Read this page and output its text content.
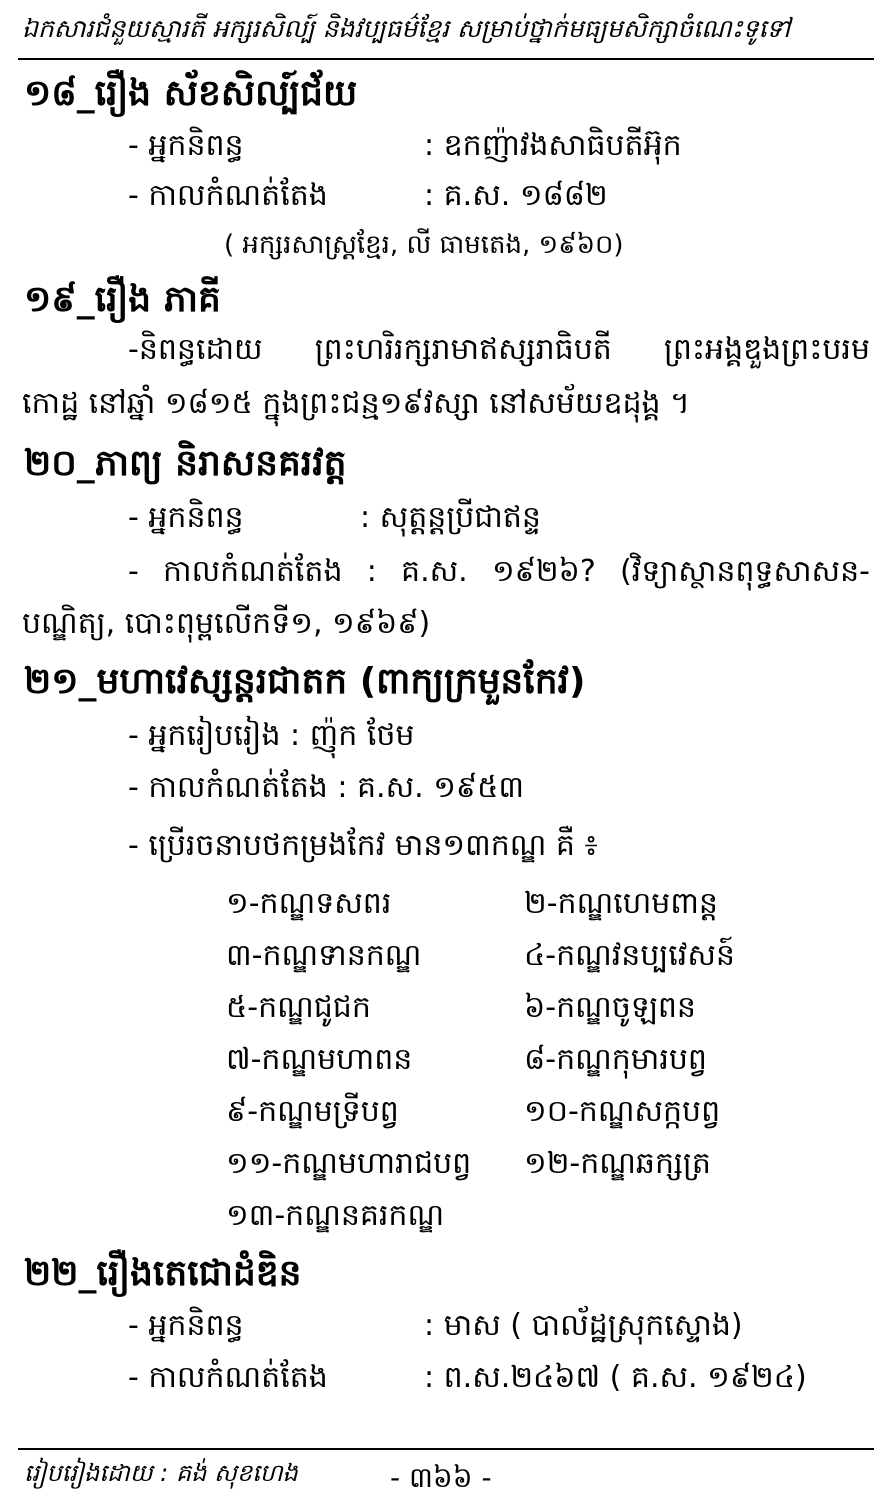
ឯកសារជំនួយស្មារតី អក្សរសិល្ប៍ និងវប្បធម៌ខ្មែរ សម្រាប់ថ្នាក់មធ្យមសិក្សាចំណេះទូទៅ
១៨_រឿង ស័ខសិល្ប៍ជ័យ
- អ្នកនិពន្ធ	: ឧកញ៉ាវងសាធិបតីអ៊ុក
- កាលកំណត់តែង	: គ.ស. ១៨៨២
( អក្សរសាស្ត្រខ្មែរ, លី ធាមតេង, ១៩៦០)
១៩_រឿង ភាគី
-និពន្ធដោយ ព្រះហរិរក្សរាមាឥស្សរាធិបតី ព្រះអង្គឌួងព្រះបរម
កោដ្ឋ នៅឆ្នាំ ១៨១៥ ក្នុងព្រះជន្ម១៩វស្សា នៅសម័យឧដុង្គ ។
២០_ភាព្យ និរាសនគរវត្ត
- អ្នកនិពន្ធ	: សុត្តន្តប្រីជាឥន្ទ
- កាលកំណត់តែង : គ.ស. ១៩២៦? (វិទ្យាស្ថានពុទ្ធសាសន-
បណ្ឌិត្យ, បោះពុម្ពលើកទី១, ១៩៦៩)
២១_មហាវេស្សន្តរជាតក (ពាក្យក្រមួនកែវ)
- អ្នករៀបរៀង : ញ៉ុក ថែម
- កាលកំណត់តែង : គ.ស. ១៩៥៣
- ប្រើរចនាបថកម្រងកែវ មាន១៣កណ្ឌ គឺ ៖
១-កណ្ឌទសពរ	២-កណ្ឌហេមពាន្ត
៣-កណ្ឌទានកណ្ឌ	៤-កណ្ឌវនប្បវេសន៍
៥-កណ្ឌជូជក	៦-កណ្ឌចូឡពន
៧-កណ្ឌមហាពន	៨-កណ្ឌកុមារបព្វ
៩-កណ្ឌមទ្រីបព្វ	១០-កណ្ឌសក្កបព្វ
១១-កណ្ឌមហារាជបព្វ ១២-កណ្ឌឆក្សត្រ
១៣-កណ្ឌនគរកណ្ឌ
២២_រឿងតេជោដំឌិន
- អ្នកនិពន្ធ	: មាស ( បាល័ដ្ឋស្រុកស្ទោង)
- កាលកំណត់តែង	: ព.ស.២៤៦៧ ( គ.ស. ១៩២៤)
រៀបរៀងដោយ : គង់ សុខហេង	- ៣៦៦ -
